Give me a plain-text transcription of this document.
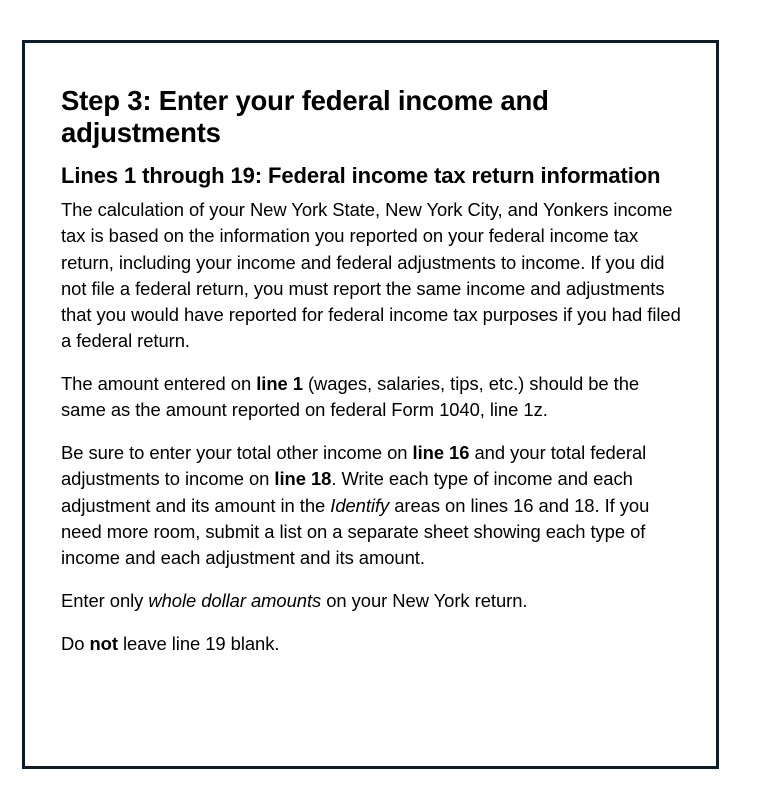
Step 3: Enter your federal income and adjustments
Lines 1 through 19: Federal income tax return information

The calculation of your New York State, New York City, and Yonkers income tax is based on the information you reported on your federal income tax return, including your income and federal adjustments to income. If you did not file a federal return, you must report the same income and adjustments that you would have reported for federal income tax purposes if you had filed a federal return.

The amount entered on line 1 (wages, salaries, tips, etc.) should be the same as the amount reported on federal Form 1040, line 1z.

Be sure to enter your total other income on line 16 and your total federal adjustments to income on line 18. Write each type of income and each adjustment and its amount in the Identify areas on lines 16 and 18. If you need more room, submit a list on a separate sheet showing each type of income and each adjustment and its amount.

Enter only whole dollar amounts on your New York return.

Do not leave line 19 blank.
